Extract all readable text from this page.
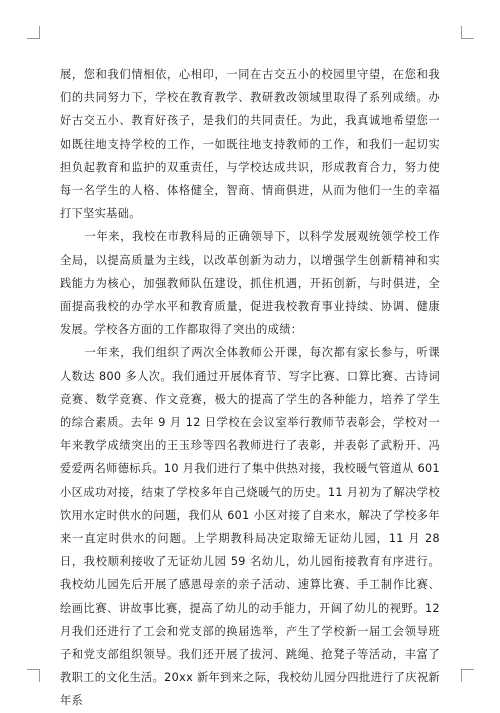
展，您和我们情相依，心相印，一同在古交五小的校园里守望，在您和我们的共同努力下，学校在教育教学、教研教改领域里取得了系列成绩。办好古交五小、教育好孩子，是我们的共同责任。为此，我真诚地希望您一如既往地支持学校的工作，一如既往地支持教师的工作，和我们一起切实担负起教育和监护的双重责任，与学校达成共识，形成教育合力，努力使每一名学生的人格、体格健全，智商、情商俱进，从而为他们一生的幸福打下坚实基础。

一年来，我校在市教科局的正确领导下，以科学发展观统领学校工作全局，以提高质量为主线，以改革创新为动力，以增强学生创新精神和实践能力为核心，加强教师队伍建设，抓住机遇，开拓创新，与时俱进，全面提高我校的办学水平和教育质量，促进我校教育事业持续、协调、健康发展。学校各方面的工作都取得了突出的成绩：

一年来，我们组织了两次全体教师公开课，每次都有家长参与，听课人数达 800 多人次。我们通过开展体育节、写字比赛、口算比赛、古诗词竞赛、数学竞赛、作文竞赛，极大的提高了学生的各种能力，培养了学生的综合素质。去年 9 月 12 日学校在会议室举行教师节表彰会，学校对一年来教学成绩突出的王玉珍等四名教师进行了表彰，并表彰了武粉开、冯爱爱两名师德标兵。10 月我们进行了集中供热对接，我校暖气管道从 601 小区成功对接，结束了学校多年自己烧暖气的历史。11 月初为了解决学校饮用水定时供水的问题，我们从 601 小区对接了自来水，解决了学校多年来一直定时供水的问题。上学期教科局决定取缔无证幼儿园，11 月 28 日，我校顺利接收了无证幼儿园 59 名幼儿，幼儿园衔接教育有序进行。我校幼儿园先后开展了感恩母亲的亲子活动、速算比赛、手工制作比赛、绘画比赛、讲故事比赛，提高了幼儿的动手能力，开阔了幼儿的视野。12 月我们还进行了工会和党支部的换届选举，产生了学校新一届工会领导班子和党支部组织领导。我们还开展了拔河、跳绳、抢凳子等活动，丰富了教职工的文化生活。20xx 新年到来之际，我校幼儿园分四批进行了庆祝新年系
